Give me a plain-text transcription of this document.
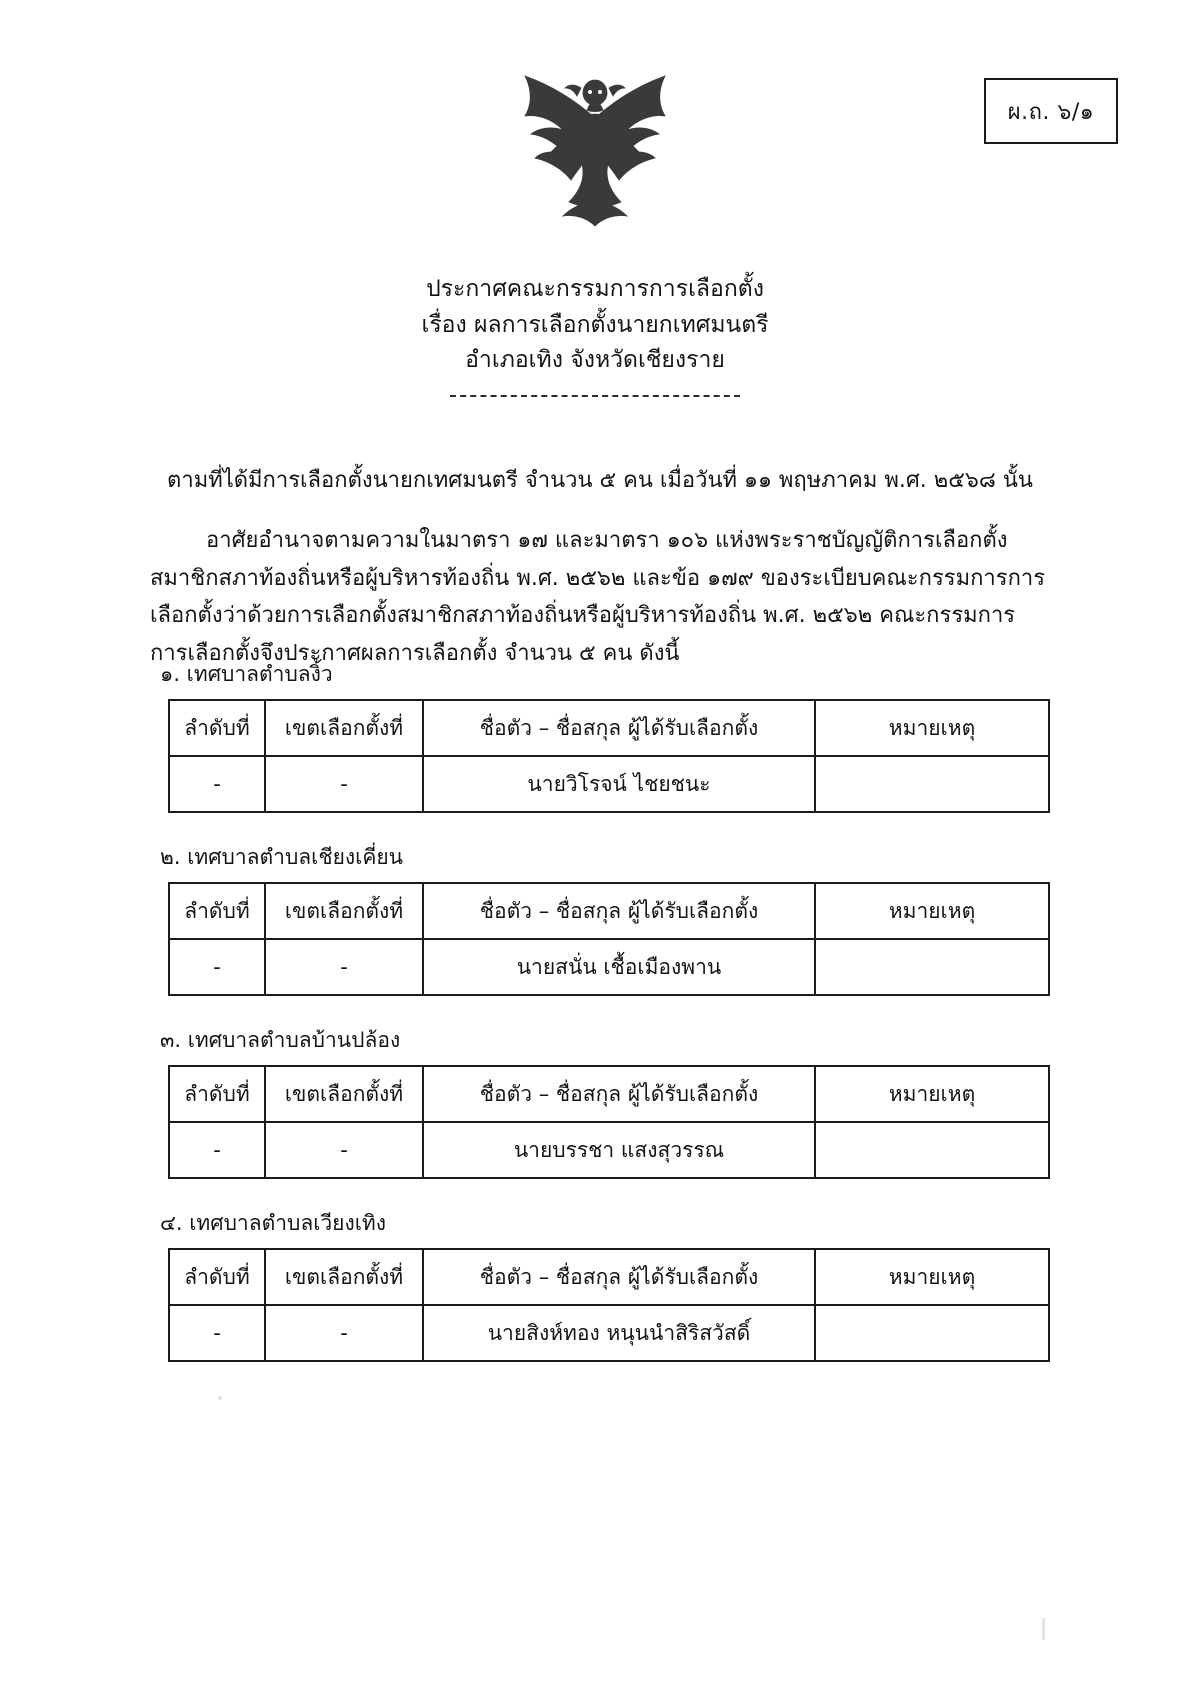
ผ.ถ. ๖/๑
ประกาศคณะกรรมการการเลือกตั้ง
เรื่อง ผลการเลือกตั้งนายกเทศมนตรี
อำเภอเทิง จังหวัดเชียงราย

ตามที่ได้มีการเลือกตั้งนายกเทศมนตรี จำนวน ๕ คน เมื่อวันที่ ๑๑ พฤษภาคม พ.ศ. ๒๕๖๘ นั้น

อาศัยอำนาจตามความในมาตรา ๑๗ และมาตรา ๑๐๖ แห่งพระราชบัญญัติการเลือกตั้งสมาชิกสภาท้องถิ่นหรือผู้บริหารท้องถิ่น พ.ศ. ๒๕๖๒ และข้อ ๑๗๙ ของระเบียบคณะกรรมการการเลือกตั้งว่าด้วยการเลือกตั้งสมาชิกสภาท้องถิ่นหรือผู้บริหารท้องถิ่น พ.ศ. ๒๕๖๒ คณะกรรมการการเลือกตั้งจึงประกาศผลการเลือกตั้ง จำนวน ๕ คน ดังนี้

๑. เทศบาลตำบลงิ้ว
ลำดับที่	เขตเลือกตั้งที่	ชื่อตัว – ชื่อสกุล ผู้ได้รับเลือกตั้ง	หมายเหตุ
-	-	นายวิโรจน์ ไชยชนะ	
๒. เทศบาลตำบลเชียงเคี่ยน
ลำดับที่	เขตเลือกตั้งที่	ชื่อตัว – ชื่อสกุล ผู้ได้รับเลือกตั้ง	หมายเหตุ
-	-	นายสนั่น เชื้อเมืองพาน	
๓. เทศบาลตำบลบ้านปล้อง
ลำดับที่	เขตเลือกตั้งที่	ชื่อตัว – ชื่อสกุล ผู้ได้รับเลือกตั้ง	หมายเหตุ
-	-	นายบรรชา แสงสุวรรณ	
๔. เทศบาลตำบลเวียงเทิง
ลำดับที่	เขตเลือกตั้งที่	ชื่อตัว – ชื่อสกุล ผู้ได้รับเลือกตั้ง	หมายเหตุ
-	-	นายสิงห์ทอง หนุนนำสิริสวัสดิ์	
